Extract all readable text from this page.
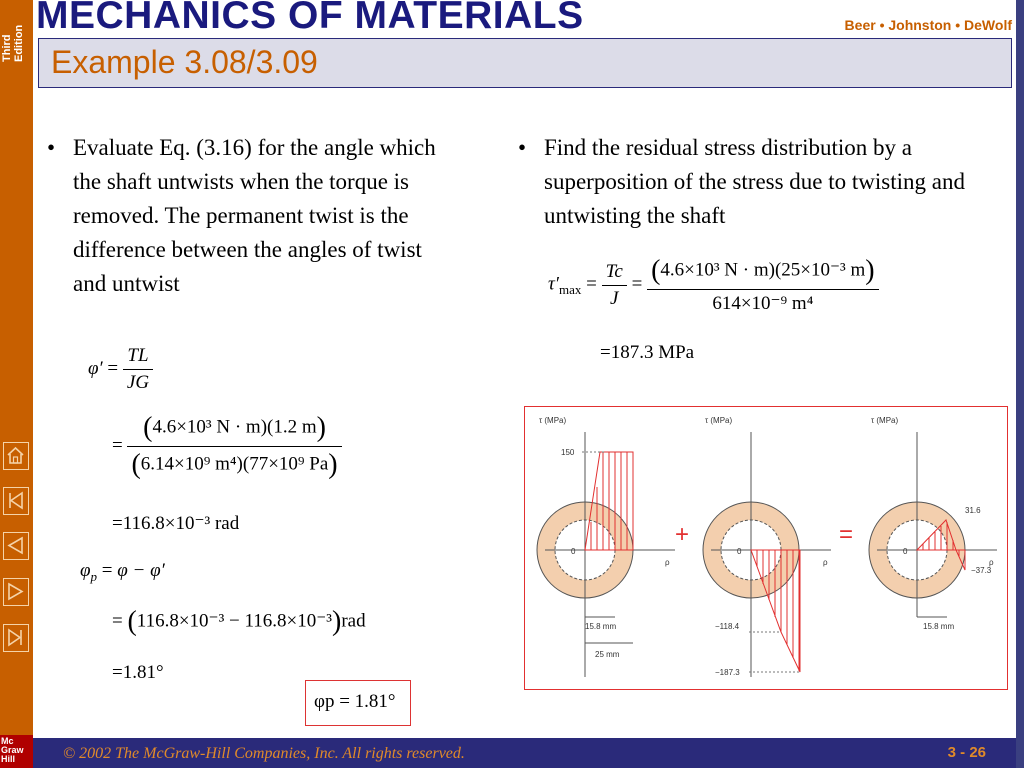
Third Edition
Mc Graw Hill
MECHANICS OF MATERIALS	Beer • Johnston • DeWolf
Example 3.08/3.09
• Evaluate Eq. (3.16) for the angle which the shaft untwists when the torque is removed. The permanent twist is the difference between the angles of twist and untwist
• Find the residual stress distribution by a superposition of the stress due to twisting and untwisting the shaft
$\varphi' = \frac{TL}{JG}$
= $\frac{\text{(4.6×10³ N · m)(1.2 m)}}{\text{(6.14×10⁹ m⁴)(77×10⁹ Pa)}}$
=116.8×10⁻³ rad
$\varphi_p = \varphi - \varphi'$
= (116.8×10⁻³ − 116.8×10⁻³)rad
=1.81°
φp = 1.81°
$\tau'_{max} = \frac{Tc}{J} = \frac{\text{(4.6×10³ N · m)(25×10⁻³ m)}}{\text{614×10⁻⁹ m⁴}}$
=187.3 MPa
τ (MPa)
150
0
ρ
15.8 mm
25 mm
+
τ (MPa)
0
ρ
−118.4
−187.3
=
τ (MPa)
0
ρ
31.6
−37.3
15.8 mm
© 2002 The McGraw-Hill Companies, Inc. All rights reserved.	3 - 26
